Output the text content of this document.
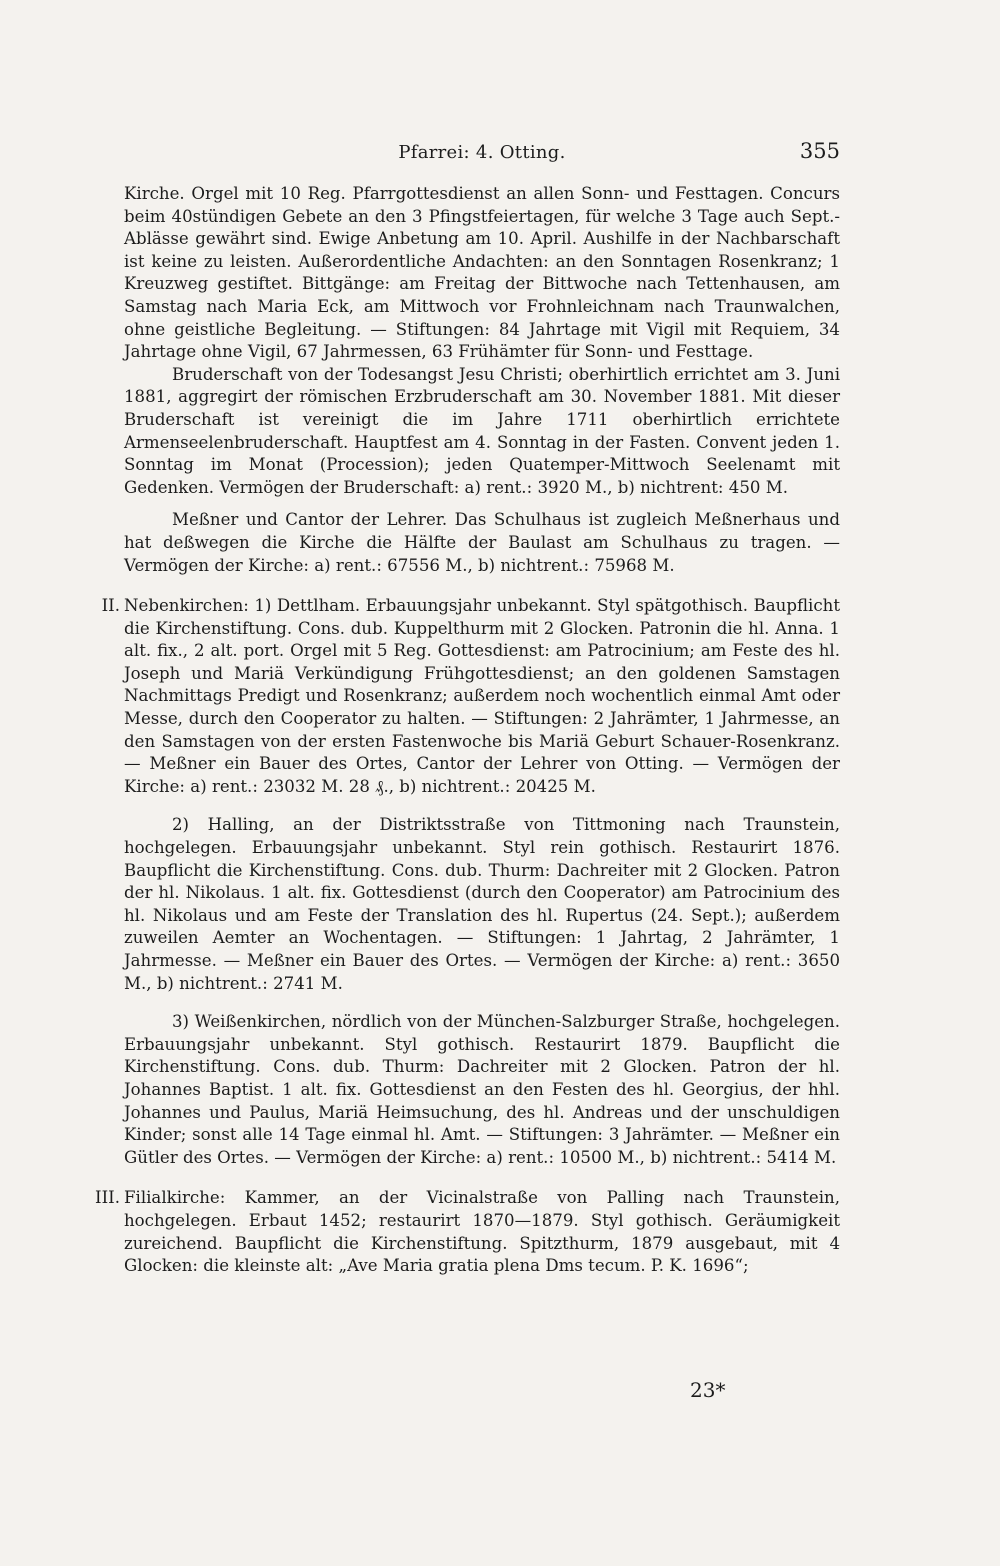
Pfarrei: 4. Otting.	355

Kirche. Orgel mit 10 Reg. Pfarrgottesdienst an allen Sonn- und Festtagen. Concurs beim 40stündigen Gebete an den 3 Pfingstfeiertagen, für welche 3 Tage auch Sept.-Ablässe gewährt sind. Ewige Anbetung am 10. April. Aushilfe in der Nachbarschaft ist keine zu leisten. Außerordentliche Andachten: an den Sonntagen Rosenkranz; 1 Kreuzweg gestiftet. Bittgänge: am Freitag der Bittwoche nach Tettenhausen, am Samstag nach Maria Eck, am Mittwoch vor Frohnleichnam nach Traunwalchen, ohne geistliche Begleitung. — Stiftungen: 84 Jahrtage mit Vigil mit Requiem, 34 Jahrtage ohne Vigil, 67 Jahrmessen, 63 Frühämter für Sonn- und Festtage.

Bruderschaft von der Todesangst Jesu Christi; oberhirtlich errichtet am 3. Juni 1881, aggregirt der römischen Erzbruderschaft am 30. November 1881. Mit dieser Bruderschaft ist vereinigt die im Jahre 1711 oberhirtlich errichtete Armenseelenbruderschaft. Hauptfest am 4. Sonntag in der Fasten. Convent jeden 1. Sonntag im Monat (Procession); jeden Quatemper-Mittwoch Seelenamt mit Gedenken. Vermögen der Bruderschaft: a) rent.: 3920 M., b) nichtrent: 450 M.

Meßner und Cantor der Lehrer. Das Schulhaus ist zugleich Meßnerhaus und hat deßwegen die Kirche die Hälfte der Baulast am Schulhaus zu tragen. — Vermögen der Kirche: a) rent.: 67556 M., b) nichtrent.: 75968 M.

II. Nebenkirchen: 1) Dettlham. Erbauungsjahr unbekannt. Styl spätgothisch. Baupflicht die Kirchenstiftung. Cons. dub. Kuppelthurm mit 2 Glocken. Patronin die hl. Anna. 1 alt. fix., 2 alt. port. Orgel mit 5 Reg. Gottesdienst: am Patrocinium; am Feste des hl. Joseph und Mariä Verkündigung Frühgottesdienst; an den goldenen Samstagen Nachmittags Predigt und Rosenkranz; außerdem noch wochentlich einmal Amt oder Messe, durch den Cooperator zu halten. — Stiftungen: 2 Jahrämter, 1 Jahrmesse, an den Samstagen von der ersten Fastenwoche bis Mariä Geburt Schauer-Rosenkranz. — Meßner ein Bauer des Ortes, Cantor der Lehrer von Otting. — Vermögen der Kirche: a) rent.: 23032 M. 28 ₰., b) nichtrent.: 20425 M.

2) Halling, an der Distriktsstraße von Tittmoning nach Traunstein, hochgelegen. Erbauungsjahr unbekannt. Styl rein gothisch. Restaurirt 1876. Baupflicht die Kirchenstiftung. Cons. dub. Thurm: Dachreiter mit 2 Glocken. Patron der hl. Nikolaus. 1 alt. fix. Gottesdienst (durch den Cooperator) am Patrocinium des hl. Nikolaus und am Feste der Translation des hl. Rupertus (24. Sept.); außerdem zuweilen Aemter an Wochentagen. — Stiftungen: 1 Jahrtag, 2 Jahrämter, 1 Jahrmesse. — Meßner ein Bauer des Ortes. — Vermögen der Kirche: a) rent.: 3650 M., b) nichtrent.: 2741 M.

3) Weißenkirchen, nördlich von der München-Salzburger Straße, hochgelegen. Erbauungsjahr unbekannt. Styl gothisch. Restaurirt 1879. Baupflicht die Kirchenstiftung. Cons. dub. Thurm: Dachreiter mit 2 Glocken. Patron der hl. Johannes Baptist. 1 alt. fix. Gottesdienst an den Festen des hl. Georgius, der hhl. Johannes und Paulus, Mariä Heimsuchung, des hl. Andreas und der unschuldigen Kinder; sonst alle 14 Tage einmal hl. Amt. — Stiftungen: 3 Jahrämter. — Meßner ein Gütler des Ortes. — Vermögen der Kirche: a) rent.: 10500 M., b) nichtrent.: 5414 M.

III. Filialkirche: Kammer, an der Vicinalstraße von Palling nach Traunstein, hochgelegen. Erbaut 1452; restaurirt 1870—1879. Styl gothisch. Geräumigkeit zureichend. Baupflicht die Kirchenstiftung. Spitzthurm, 1879 ausgebaut, mit 4 Glocken: die kleinste alt: „Ave Maria gratia plena Dms tecum. P. K. 1696“;

23*
